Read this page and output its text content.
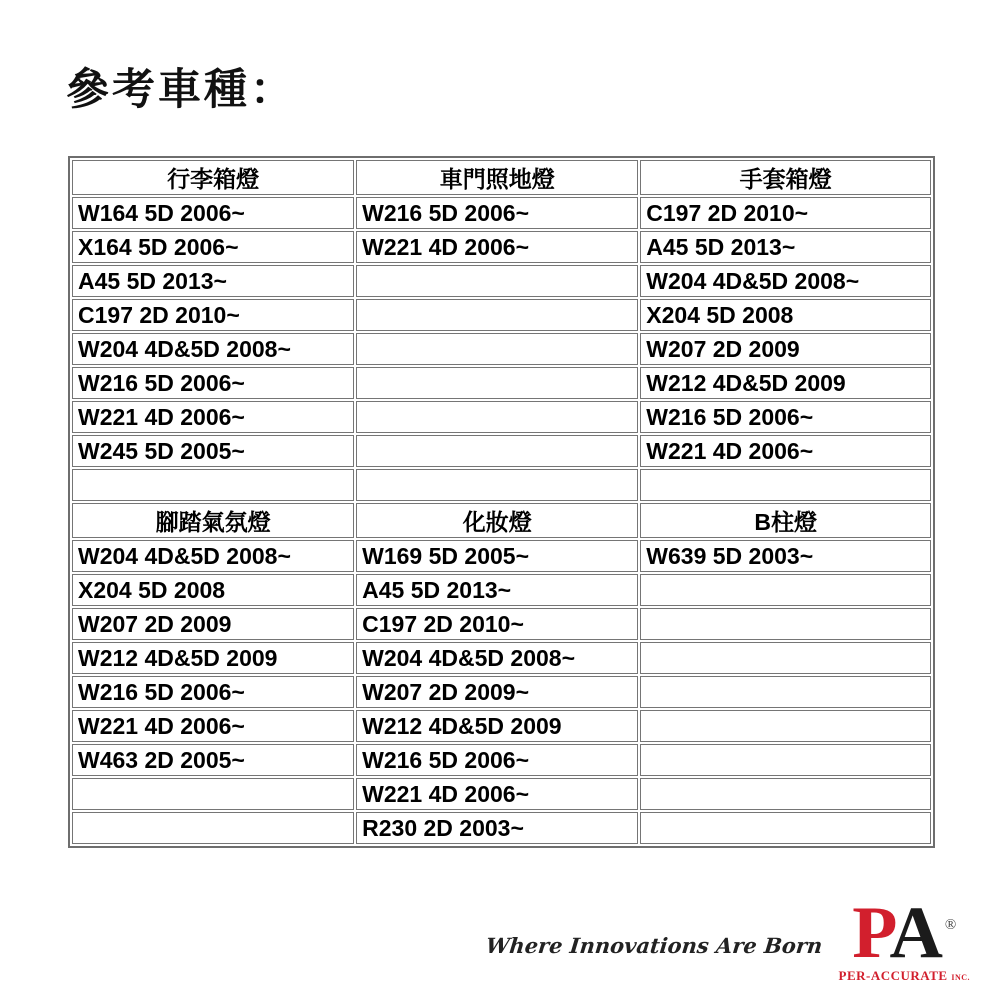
參考車種：
行李箱燈	車門照地燈	手套箱燈
W164 5D 2006~	W216 5D 2006~	C197 2D 2010~
X164 5D 2006~	W221 4D 2006~	A45 5D 2013~
A45 5D 2013~		W204 4D&5D 2008~
C197 2D 2010~		X204 5D 2008
W204 4D&5D 2008~		W207 2D 2009
W216 5D 2006~		W212 4D&5D 2009
W221 4D 2006~		W216 5D 2006~
W245 5D 2005~		W221 4D 2006~

腳踏氣氛燈	化妝燈	B柱燈
W204 4D&5D 2008~	W169 5D 2005~	W639 5D 2003~
X204 5D 2008	A45 5D 2013~	
W207 2D 2009	C197 2D 2010~	
W212 4D&5D 2009	W204 4D&5D 2008~	
W216 5D 2006~	W207 2D 2009~	
W221 4D 2006~	W212 4D&5D 2009	
W463 2D 2005~	W216 5D 2006~	
	W221 4D 2006~	
	R230 2D 2003~	
Where Innovations Are Born PA ®
PER-ACCURATE INC.
